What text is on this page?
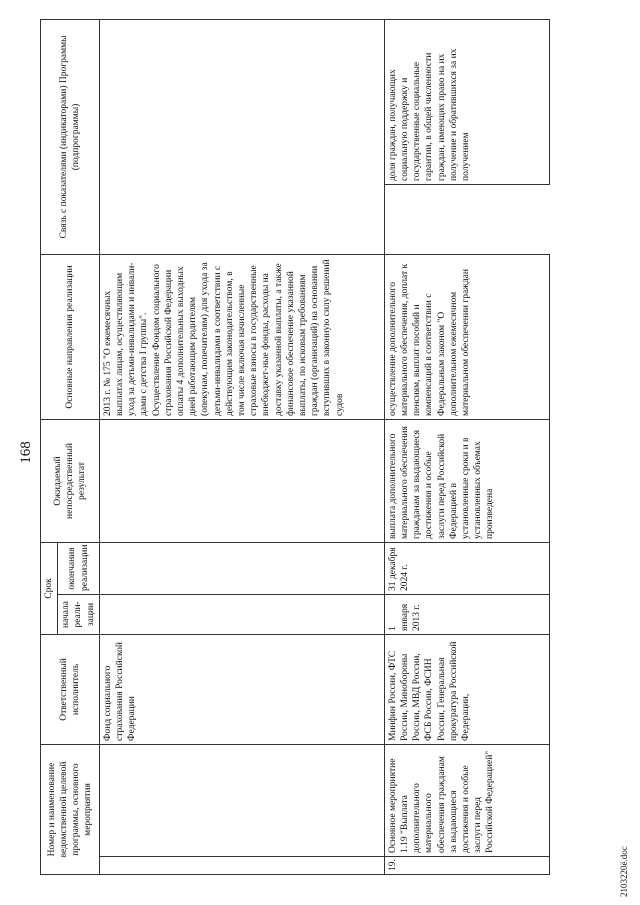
168
Номер и наименование ведомственной целевой программы, основного мероприятия		Ответственный исполнитель	Срок		Ожидаемый непосредственный результат	Основные направления реализации	Связь с показателями (индикаторами) Программы (подпрограммы)	
			начала реали-зации	окончания реализации				
		Фонд социального страхования Российской Федерации				2013 г. № 175 "О ежемесячных выплатах лицам, осуществляющим уход за детьми-инвалидами и инвали-дами с детства I группы". Осуществление Фондом социального страхования Российской Федерации оплаты 4 дополнительных выходных дней работающим родителям (опекунам, попечителям) для ухода за детьми-инвалидами в соответствии с действующим законодательством, в том числе включая начисленные страховые взносы в государственные внебюджет-ные фонды, расходы на доставку указанной выплаты, а также финансовое обеспечение указанной выплаты, по исковым требованиям граждан (организаций) на основании вступивших в законную силу решений судов		
19.	Основное мероприятие 1.19 "Выплата дополнительного материального обеспечения гражданам за выдающиеся достижения и особые заслуги перед Российской Федерацией"	Минфин России, ФТС России, Минобороны России, МВД России, ФСБ России, ФСИН России, Генеральная прокуратура Российской Федерации,	1 января 2013 г.	31 декабря 2024 г.	выплата дополнительного материального обеспечения гражданам за выдающиеся достижения и особые заслуги перед Российской Федерацией в установленные сроки и в установленных объемах произведена	осуществление дополнительного материального обеспечения, доплат к пенсиям, выплат пособий и компенсаций в соответствии с Федеральным законом "О дополнительном ежемесячном материальном обеспечении граждан		доля граждан, получающих социальную поддержку и государственные социальные гарантии, в общей численности граждан, имеющих право на их получение и обратившихся за их получением
2103220ё.doc
